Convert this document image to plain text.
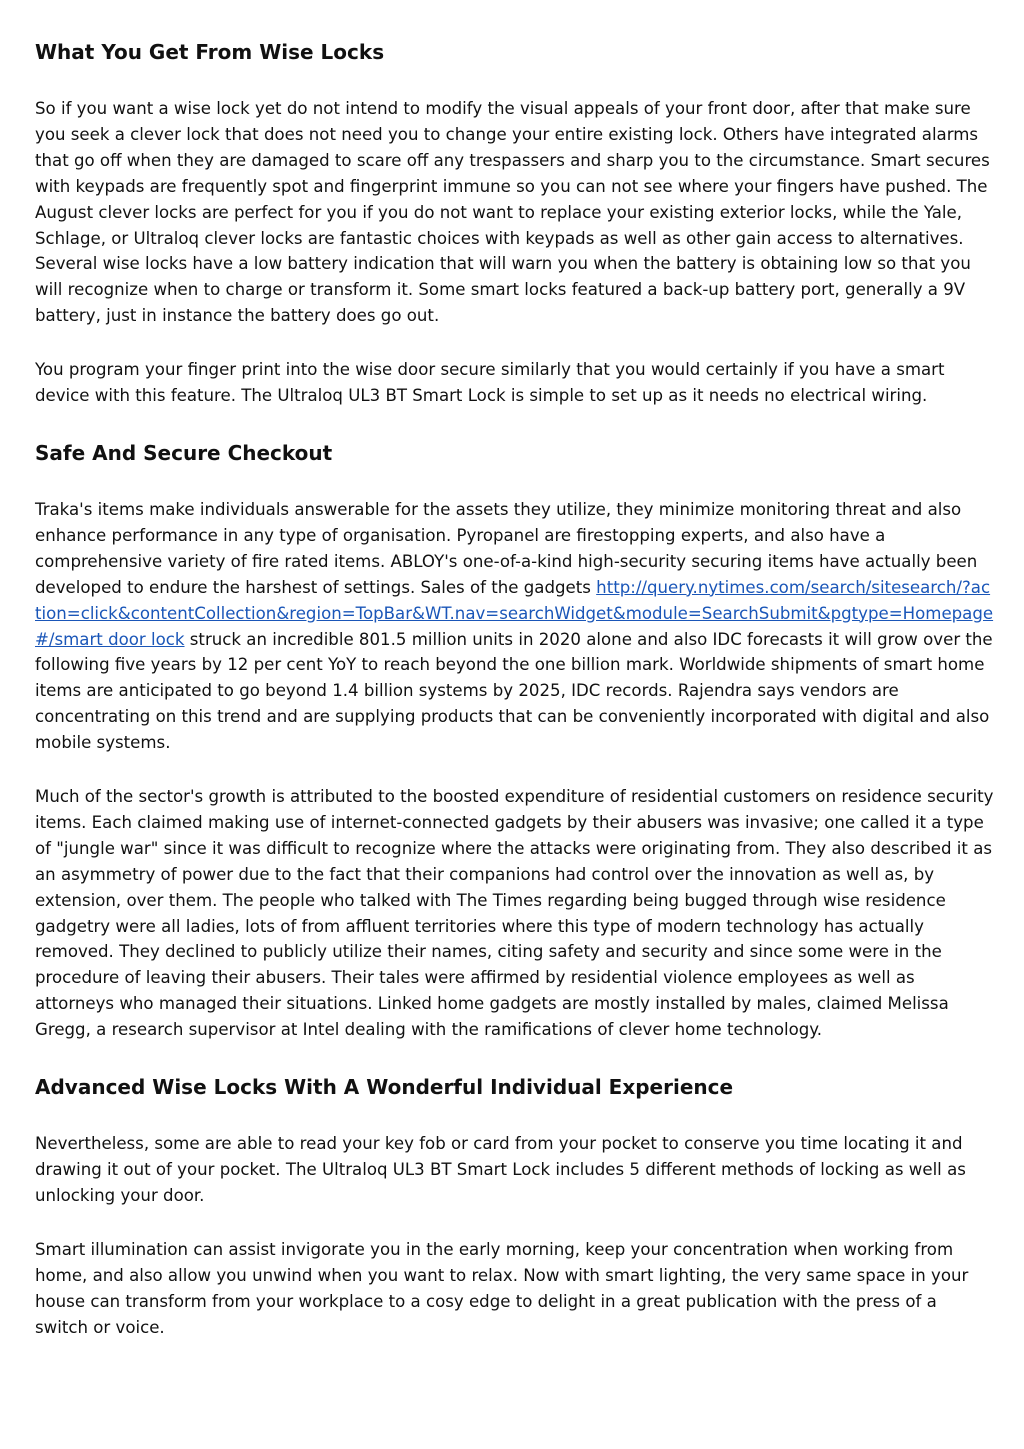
What You Get From Wise Locks

So if you want a wise lock yet do not intend to modify the visual appeals of your front door, after that make sure you seek a clever lock that does not need you to change your entire existing lock. Others have integrated alarms that go off when they are damaged to scare off any trespassers and sharp you to the circumstance. Smart secures with keypads are frequently spot and fingerprint immune so you can not see where your fingers have pushed. The August clever locks are perfect for you if you do not want to replace your existing exterior locks, while the Yale, Schlage, or Ultraloq clever locks are fantastic choices with keypads as well as other gain access to alternatives. Several wise locks have a low battery indication that will warn you when the battery is obtaining low so that you will recognize when to charge or transform it. Some smart locks featured a back-up battery port, generally a 9V battery, just in instance the battery does go out.

You program your finger print into the wise door secure similarly that you would certainly if you have a smart device with this feature. The Ultraloq UL3 BT Smart Lock is simple to set up as it needs no electrical wiring.

Safe And Secure Checkout

Traka's items make individuals answerable for the assets they utilize, they minimize monitoring threat and also enhance performance in any type of organisation. Pyropanel are firestopping experts, and also have a comprehensive variety of fire rated items. ABLOY's one-of-a-kind high-security securing items have actually been developed to endure the harshest of settings. Sales of the gadgets http://query.nytimes.com/search/sitesearch/?action=click&contentCollection&region=TopBar&WT.nav=searchWidget&module=SearchSubmit&pgtype=Homepage#/smart door lock struck an incredible 801.5 million units in 2020 alone and also IDC forecasts it will grow over the following five years by 12 per cent YoY to reach beyond the one billion mark. Worldwide shipments of smart home items are anticipated to go beyond 1.4 billion systems by 2025, IDC records. Rajendra says vendors are concentrating on this trend and are supplying products that can be conveniently incorporated with digital and also mobile systems.

Much of the sector's growth is attributed to the boosted expenditure of residential customers on residence security items. Each claimed making use of internet-connected gadgets by their abusers was invasive; one called it a type of "jungle war" since it was difficult to recognize where the attacks were originating from. They also described it as an asymmetry of power due to the fact that their companions had control over the innovation as well as, by extension, over them. The people who talked with The Times regarding being bugged through wise residence gadgetry were all ladies, lots of from affluent territories where this type of modern technology has actually removed. They declined to publicly utilize their names, citing safety and security and since some were in the procedure of leaving their abusers. Their tales were affirmed by residential violence employees as well as attorneys who managed their situations. Linked home gadgets are mostly installed by males, claimed Melissa Gregg, a research supervisor at Intel dealing with the ramifications of clever home technology.

Advanced Wise Locks With A Wonderful Individual Experience

Nevertheless, some are able to read your key fob or card from your pocket to conserve you time locating it and drawing it out of your pocket. The Ultraloq UL3 BT Smart Lock includes 5 different methods of locking as well as unlocking your door.

Smart illumination can assist invigorate you in the early morning, keep your concentration when working from home, and also allow you unwind when you want to relax. Now with smart lighting, the very same space in your house can transform from your workplace to a cosy edge to delight in a great publication with the press of a switch or voice.
